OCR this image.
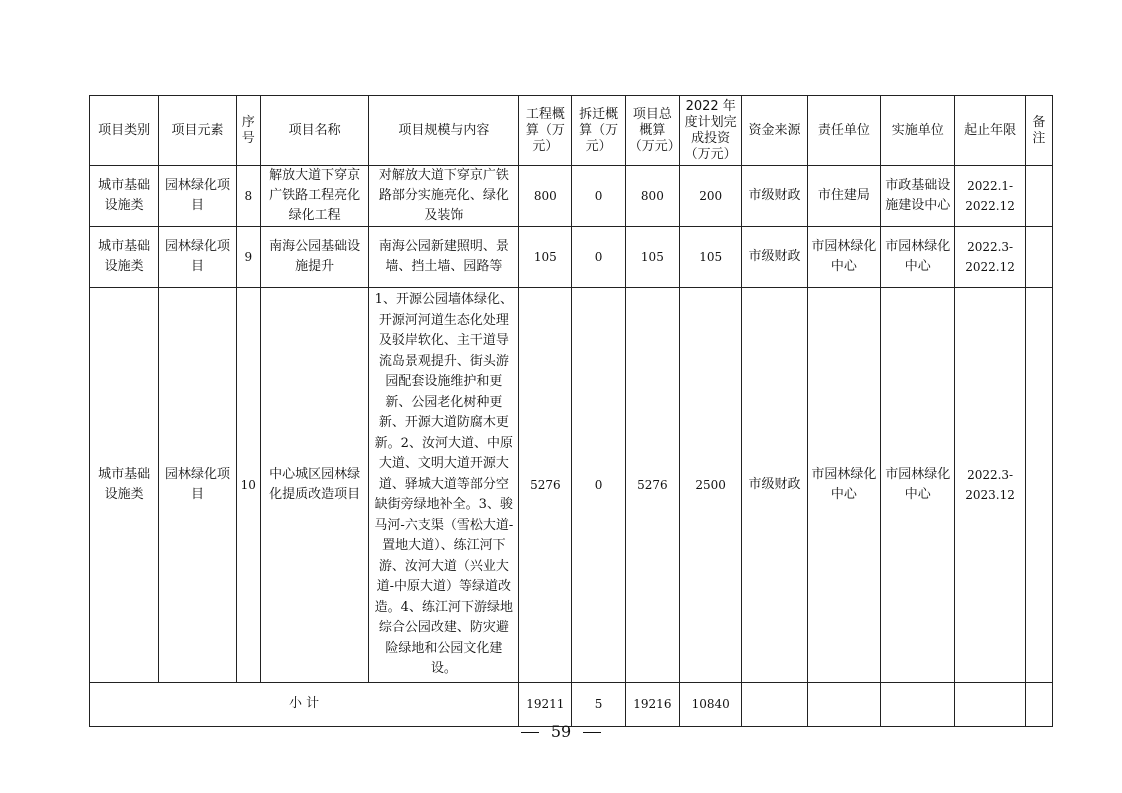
项目类别	项目元素	序号	项目名称	项目规模与内容	工程概算（万元）	拆迁概算（万元）	项目总概算（万元）	2022 年度计划完成投资（万元）	资金来源	责任单位	实施单位	起止年限	备注
城市基础设施类	园林绿化项目	8	解放大道下穿京广铁路工程亮化绿化工程	对解放大道下穿京广铁路部分实施亮化、绿化及装饰	800	0	800	200	市级财政	市住建局	市政基础设施建设中心	2022.1-2022.12	
城市基础设施类	园林绿化项目	9	南海公园基础设施提升	南海公园新建照明、景墙、挡土墙、园路等	105	0	105	105	市级财政	市园林绿化中心	市园林绿化中心	2022.3-2022.12	
城市基础设施类	园林绿化项目	10	中心城区园林绿化提质改造项目	1、开源公园墙体绿化、开源河河道生态化处理及驳岸软化、主干道导流岛景观提升、街头游园配套设施维护和更新、公园老化树种更新、开源大道防腐木更新。2、汝河大道、中原大道、文明大道开源大道、驿城大道等部分空缺街旁绿地补全。3、骏马河-六支渠（雪松大道-置地大道）、练江河下游、汝河大道（兴业大道-中原大道）等绿道改造。4、练江河下游绿地综合公园改建、防灾避险绿地和公园文化建设。	5276	0	5276	2500	市级财政	市园林绿化中心	市园林绿化中心	2022.3-2023.12	
小 计					19211	5	19216	10840					
59
